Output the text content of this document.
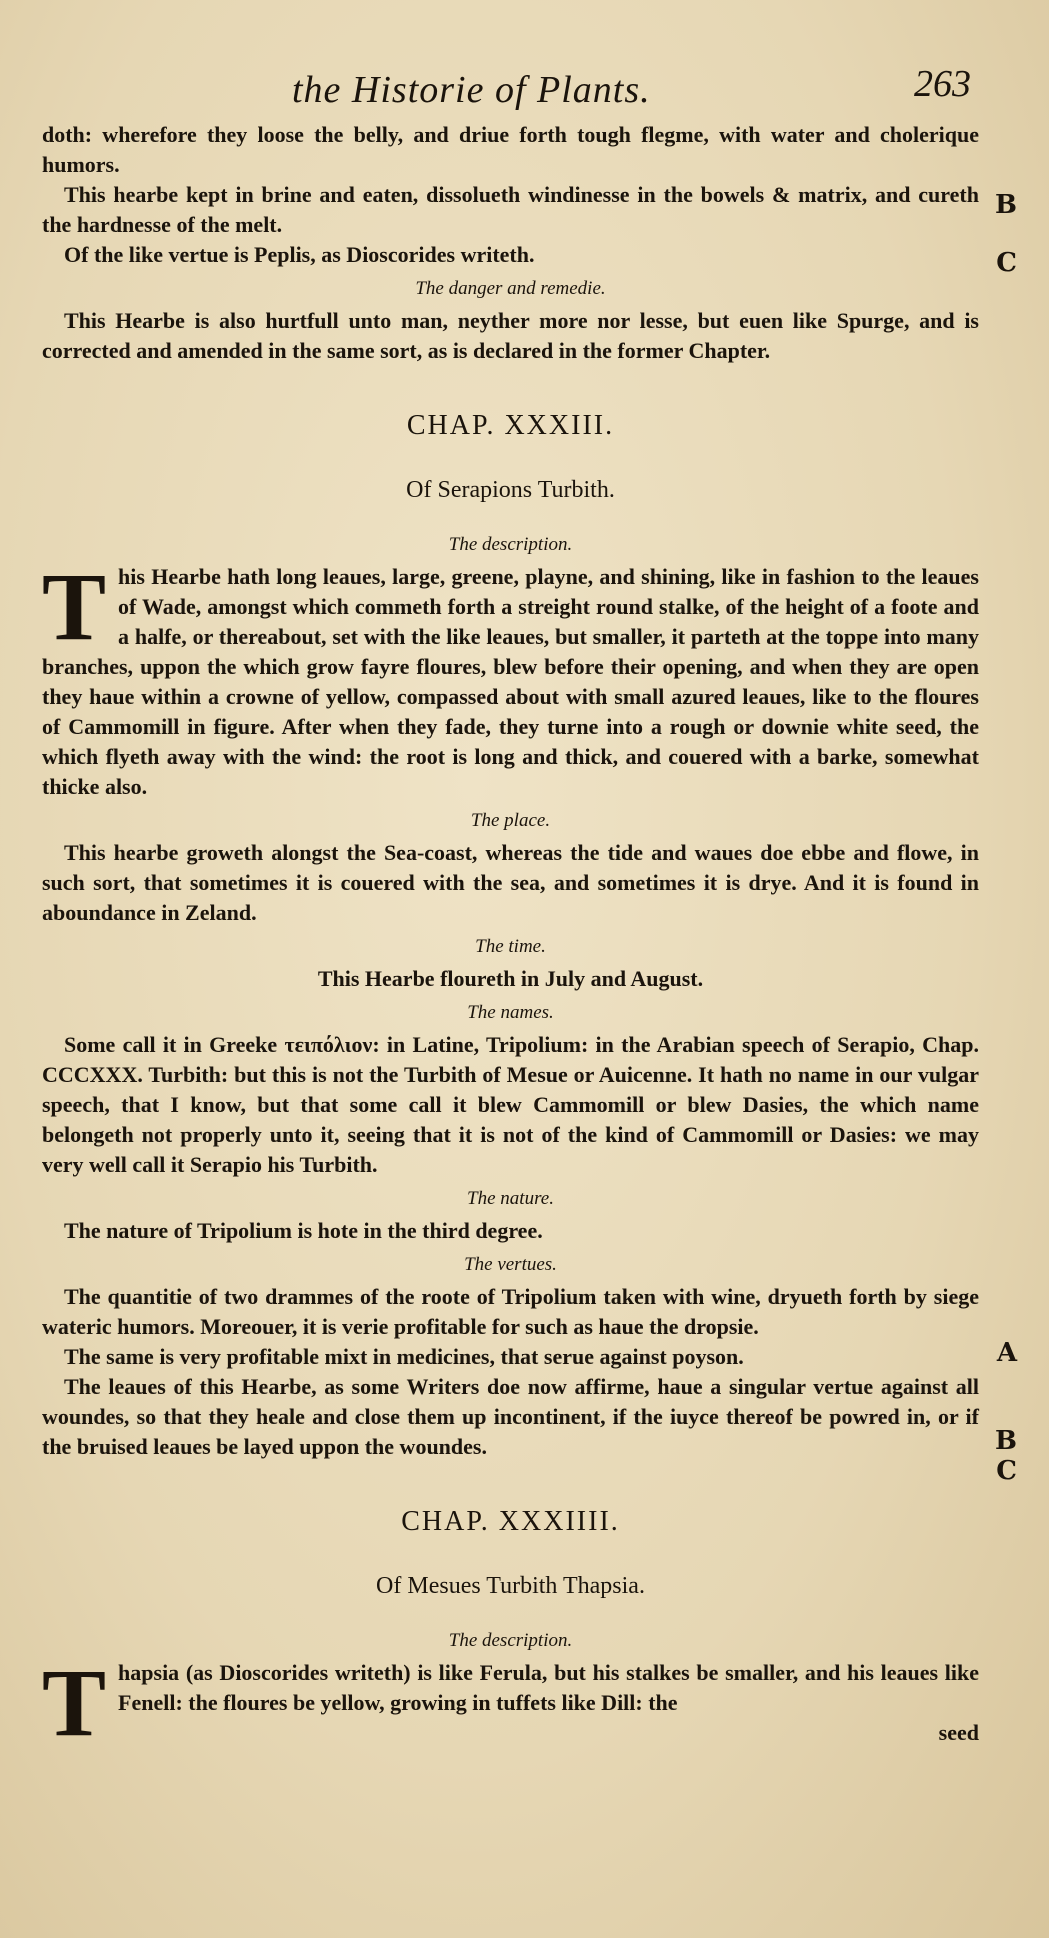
the Historie of Plants.	263

doth: wherefore they loose the belly, and driue forth tough flegme, with water and cholerique humors.

This hearbe kept in brine and eaten, dissolueth windinesse in the bowels & matrix, and cureth the hardnesse of the melt.

Of the like vertue is Peplis, as Dioscorides writeth.

The danger and remedie.

This Hearbe is also hurtfull unto man, neyther more nor lesse, but euen like Spurge, and is corrected and amended in the same sort, as is declared in the former Chapter.

CHAP. XXXIII.
Of Serapions Turbith.
The description.

This Hearbe hath long leaues, large, greene, playne, and shining, like in fashion to the leaues of Wade, amongst which commeth forth a streight round stalke, of the height of a foote and a halfe, or thereabout, set with the like leaues, but smaller, it parteth at the toppe into many branches, uppon the which grow fayre floures, blew before their opening, and when they are open they haue within a crowne of yellow, compassed about with small azured leaues, like to the floures of Cammomill in figure. After when they fade, they turne into a rough or downie white seed, the which flyeth away with the wind: the root is long and thick, and couered with a barke, somewhat thicke also.

The place.

This hearbe groweth alongst the Sea-coast, whereas the tide and waues doe ebbe and flowe, in such sort, that sometimes it is couered with the sea, and sometimes it is drye. And it is found in aboundance in Zeland.

The time.

This Hearbe floureth in July and August.

The names.

Some call it in Greeke τειπόλιον: in Latine, Tripolium: in the Arabian speech of Serapio, Chap. CCCXXX. Turbith: but this is not the Turbith of Mesue or Auicenne. It hath no name in our vulgar speech, that I know, but that some call it blew Cammomill or blew Dasies, the which name belongeth not properly unto it, seeing that it is not of the kind of Cammomill or Dasies: we may very well call it Serapio his Turbith.

The nature.

The nature of Tripolium is hote in the third degree.

The vertues.

The quantitie of two drammes of the roote of Tripolium taken with wine, dryueth forth by siege wateric humors. Moreouer, it is verie profitable for such as haue the dropsie.

The same is very profitable mixt in medicines, that serue against poyson.

The leaues of this Hearbe, as some Writers doe now affirme, haue a singular vertue against all woundes, so that they heale and close them up incontinent, if the iuyce thereof be powred in, or if the bruised leaues be layed uppon the woundes.

CHAP. XXXIIII.
Of Mesues Turbith Thapsia.
The description.

Thapsia (as Dioscorides writeth) is like Ferula, but his stalkes be smaller, and his leaues like Fenell: the floures be yellow, growing in tuffets like Dill: the

seed

B
C
A
B
C
